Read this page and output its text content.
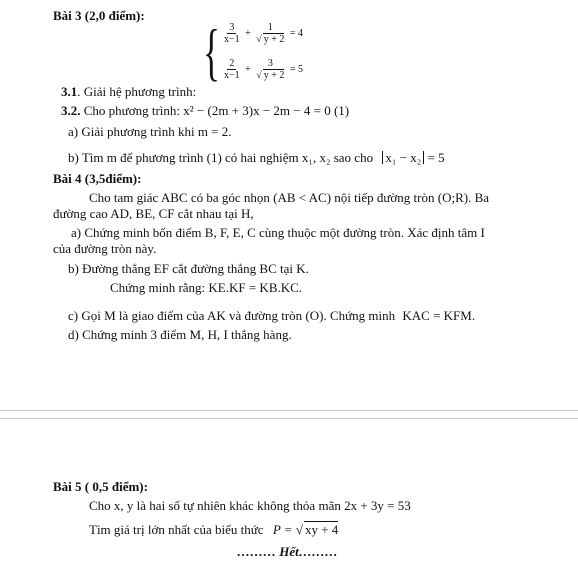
Bài 3 (2,0 điểm):
{ $\frac{3}{x-1} + \frac{1}{√ y + 2} = 4$
$\frac{2}{x-1} + \frac{3}{√ y + 2} = 5$
3.1. Giải hệ phương trình:
3.2. Cho phương trình: x² − (2m + 3)x − 2m − 4 = 0 (1)
a) Giải phương trình khi m = 2.
b) Tìm m để phương trình (1) có hai nghiệm x₁, x₂ sao cho x₁ − x₂ = 5
Bài 4 (3,5điểm):
Cho tam giác ABC có ba góc nhọn (AB < AC) nội tiếp đường tròn (O;R). Ba
đường cao AD, BE, CF cắt nhau tại H,
a) Chứng minh bốn điểm B, F, E, C cùng thuộc một đường tròn. Xác định tâm I
của đường tròn này.
b) Đường thẳng EF cắt đường thẳng BC tại K.
Chứng minh rằng: KE.KF = KB.KC.
c) Gọi M là giao điểm của AK và đường tròn (O). Chứng minh KAC = KFM.
d) Chứng minh 3 điểm M, H, I thẳng hàng.
Bài 5 ( 0,5 điểm):
Cho x, y là hai số tự nhiên khác không thỏa mãn 2x + 3y = 53
Tìm giá trị lớn nhất của biểu thức P = √ xy + 4
……… Hết………
